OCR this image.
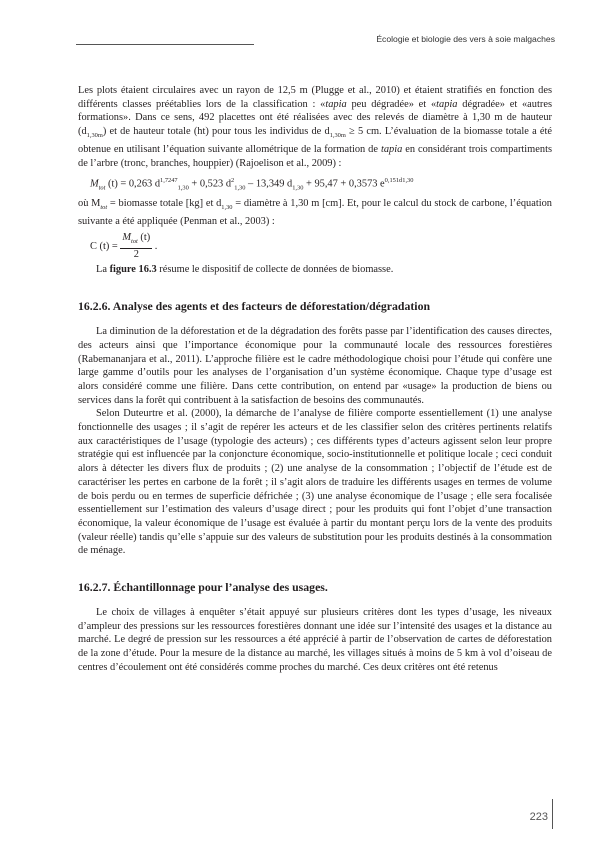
Écologie et biologie des vers à soie malgaches

Les plots étaient circulaires avec un rayon de 12,5 m (Plugge et al., 2010) et étaient stratifiés en fonction des différents classes préétablies lors de la classification : «tapia peu dégradée» et «tapia dégradée» et «autres formations». Dans ce sens, 492 placettes ont été réalisées avec des relevés de diamètre à 1,30 m de hauteur $(d_{1,30m})$ et de hauteur totale (ht) pour tous les individus de $d_{1,30m} \ge 5$ cm. L’évaluation de la biomasse totale a été obtenue en utilisant l’équation suivante allométrique de la formation de tapia en considérant trois compartiments de l’arbre (tronc, branches, houppier) (Rajoelison et al., 2009) :

$M_{tot}$ (t) = 0,263 $d^{1,7247}_{1,30} + 0,523$ $d^2_{1,30} - 13,349$ $d_{1,30} + 95,47 + 0,3573$ $e^{0,151d1,30}$

où $M_{tot}$ = biomasse totale [kg] et $d_{1,30}$ = diamètre à 1,30 m [cm]. Et, pour le calcul du stock de carbone, l’équation suivante a été appliquée (Penman et al., 2003) :

C $(t) = \frac{M_{tot} (t)}{2}$ .

La figure 16.3 résume le dispositif de collecte de données de biomasse.

16.2.6. Analyse des agents et des facteurs de déforestation/dégradation

La diminution de la déforestation et de la dégradation des forêts passe par l’identification des causes directes, des acteurs ainsi que l’importance économique pour la communauté locale des ressources forestières (Rabemananjara et al., 2011). L’approche filière est le cadre méthodologique choisi pour l’étude qui confère une large gamme d’outils pour les analyses de l’organisation d’un système économique. Chaque type d’usage est alors considéré comme une filière. Dans cette contribution, on entend par «usage» la production de biens ou services dans la forêt qui contribuent à la satisfaction de besoins des communautés.

Selon Duteurtre et al. (2000), la démarche de l’analyse de filière comporte essentiellement (1) une analyse fonctionnelle des usages ; il s’agit de repérer les acteurs et de les classifier selon des critères pertinents relatifs aux caractéristiques de l’usage (typologie des acteurs) ; ces différents types d’acteurs agissent selon leur propre stratégie qui est influencée par la conjoncture économique, socio-institutionnelle et politique locale ; ceci conduit alors à détecter les divers flux de produits ; (2) une analyse de la consommation ; l’objectif de l’étude est de caractériser les pertes en carbone de la forêt ; il s’agit alors de traduire les différents usages en termes de volume de bois perdu ou en termes de superficie défrichée ; (3) une analyse économique de l’usage ; elle sera focalisée essentiellement sur l’estimation des valeurs d’usage direct ; pour les produits qui font l’objet d’une transaction économique, la valeur économique de l’usage est évaluée à partir du montant perçu lors de la vente des produits (valeur réelle) tandis qu’elle s’appuie sur des valeurs de substitution pour les produits destinés à la consommation de ménage.

16.2.7. Échantillonnage pour l’analyse des usages.

Le choix de villages à enquêter s’était appuyé sur plusieurs critères dont les types d’usage, les niveaux d’ampleur des pressions sur les ressources forestières donnant une idée sur l’intensité des usages et la distance au marché. Le degré de pression sur les ressources a été apprécié à partir de l’observation de cartes de déforestation de la zone d’étude. Pour la mesure de la distance au marché, les villages situés à moins de 5 km à vol d’oiseau de centres d’écoulement ont été considérés comme proches du marché. Ces deux critères ont été retenus

223
